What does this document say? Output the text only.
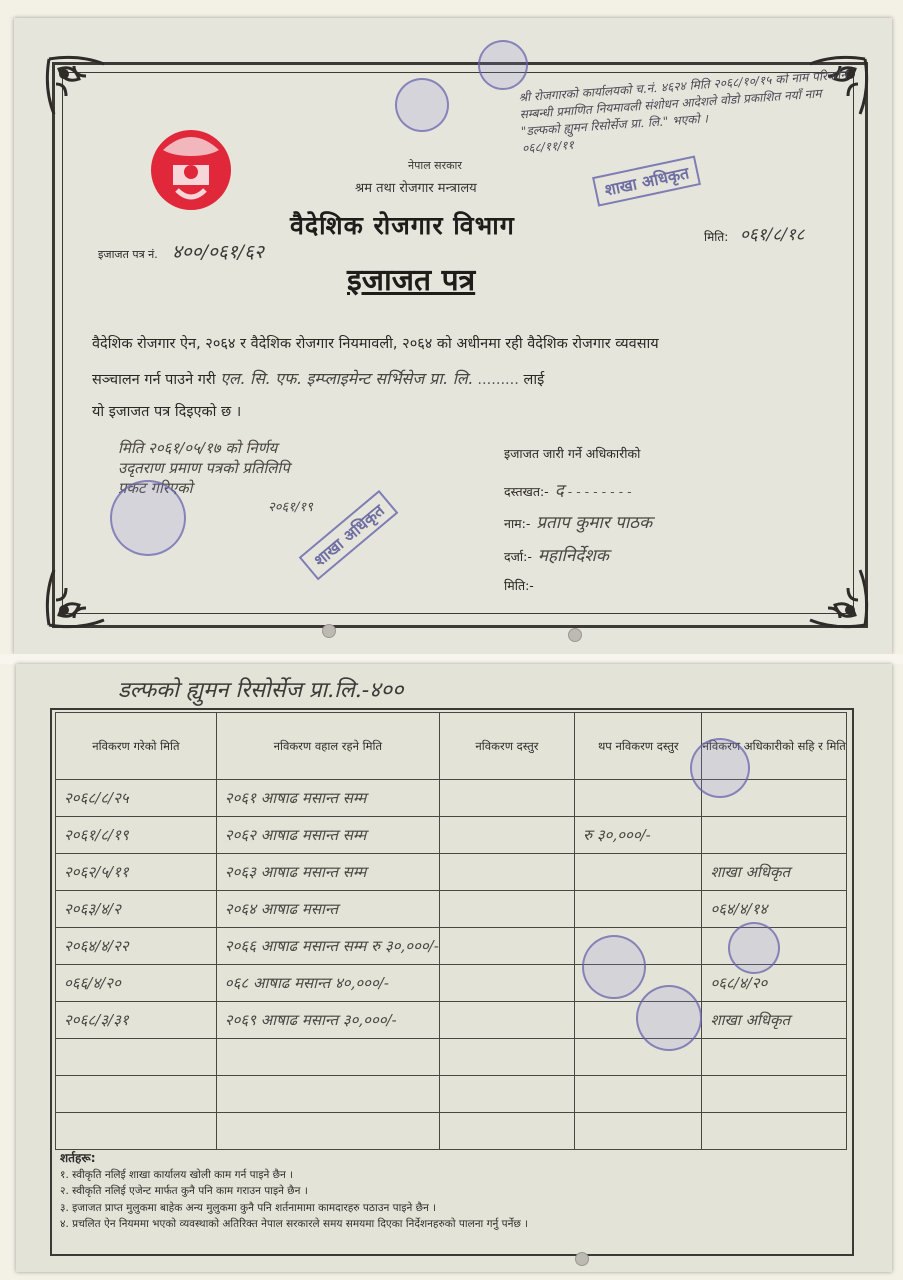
नेपाल सरकार
श्रम तथा रोजगार मन्त्रालय
वैदेशिक रोजगार विभाग
इजाजत पत्र
इजाजत पत्र नं. ४००/०६१/६२
मिति: ०६१/८/१८
श्री रोजगारको कार्यालयको च.नं. ४६२४ मिति २०६८/१०/१५ को नाम परिवर्तन सम्बन्धी प्रमाणित नियमावली संशोधन आदेशले वोडो प्रकाशित नयाँ नाम "डल्फको ह्युमन रिसोर्सेज प्रा. लि." भएको ।
०६८/११/११
शाखा अधिकृत
वैदेशिक रोजगार ऐन, २०६४ र वैदेशिक रोजगार नियमावली, २०६४ को अधीनमा रही वैदेशिक रोजगार व्यवसाय
सञ्चालन गर्न पाउने गरी एल. सि. एफ. इम्प्लाइमेन्ट सर्भिसेज प्रा. लि. ......... लाई
यो इजाजत पत्र दिइएको छ ।
मिति २०६१/०५/१७ को निर्णय
उदृतराण प्रमाण पत्रको प्रतिलिपि
प्रकट गरिएको
२०६१/१९
शाखा अधिकृत
इजाजत जारी गर्ने अधिकारीको
दस्तखत:- द - - - - - - - -
नाम:- प्रताप कुमार पाठक
दर्जा:- महानिर्देशक
मिति:-
डल्फको ह्युमन रिसोर्सेज प्रा.लि.-४००
नविकरण गरेको मिति	नविकरण वहाल रहने मिति	नविकरण दस्तुर	थप नविकरण दस्तुर	नविकरण अधिकारीको सहि र मिति
२०६८/८/२५	२०६१ आषाढ मसान्त सम्म			
२०६१/८/१९	२०६२ आषाढ मसान्त सम्म		रु ३०,०००/-	
२०६२/५/११	२०६३ आषाढ मसान्त सम्म			शाखा अधिकृत
२०६३/४/२	२०६४ आषाढ मसान्त			०६४/४/१४
२०६४/४/२२	२०६६ आषाढ मसान्त सम्म रु ३०,०००/-			
०६६/४/२०	०६८ आषाढ मसान्त ४०,०००/-			०६८/४/२०
२०६८/३/३१	२०६९ आषाढ मसान्त ३०,०००/-			शाखा अधिकृत

शर्तहरू:
१. स्वीकृति नलिई शाखा कार्यालय खोली काम गर्न पाइने छैन ।
२. स्वीकृति नलिई एजेन्ट मार्फत कुनै पनि काम गराउन पाइने छैन ।
३. इजाजत प्राप्त मुलुकमा बाहेक अन्य मुलुकमा कुनै पनि शर्तनामामा कामदारहरु पठाउन पाइने छैन ।
४. प्रचलित ऐन नियममा भएको व्यवस्थाको अतिरिक्त नेपाल सरकारले समय समयमा दिएका निर्देशनहरुको पालना गर्नु पर्नेछ ।
